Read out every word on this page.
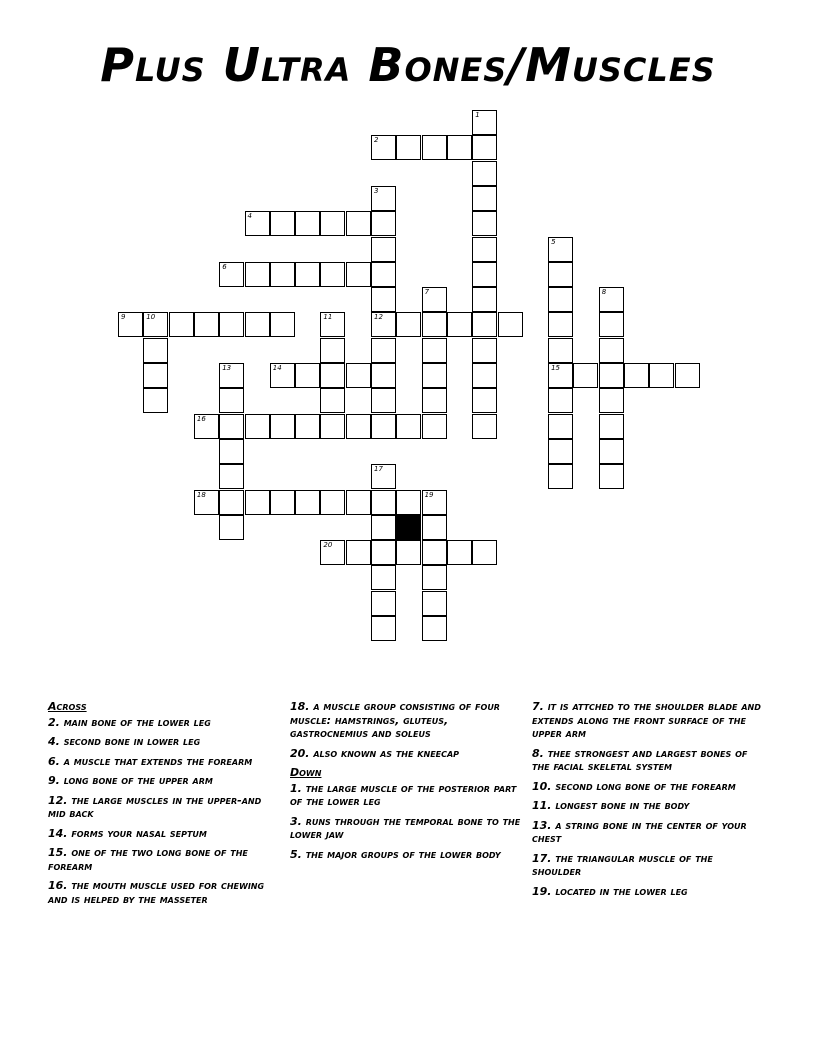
Plus Ultra Bones/Muscles
1
2
3
12
4
5
15
6
7	8
9	10	11
13	14
16
17
18	19
20
Across
2. main bone of the lower leg
4. second bone in lower leg
6. a muscle that extends the forearm
9. long bone of the upper arm
12. the large muscles in the upper-and mid back
14. forms your nasal septum
15. one of the two long bone of the forearm
16. the mouth muscle used for chewing and is helped by the masseter
18. a muscle group consisting of four muscle: hamstrings, gluteus, gastrocnemius and soleus
20. also known as the kneecap
Down
1. the large muscle of the posterior part of the lower leg
3. runs through the temporal bone to the lower jaw
5. the major groups of the lower body
7. it is attched to the shoulder blade and extends along the front surface of the upper arm
8. thee strongest and largest bones of the facial skeletal system
10. second long bone of the forearm
11. longest bone in the body
13. a string bone in the center of your chest
17. the triangular muscle of the shoulder
19. located in the lower leg
